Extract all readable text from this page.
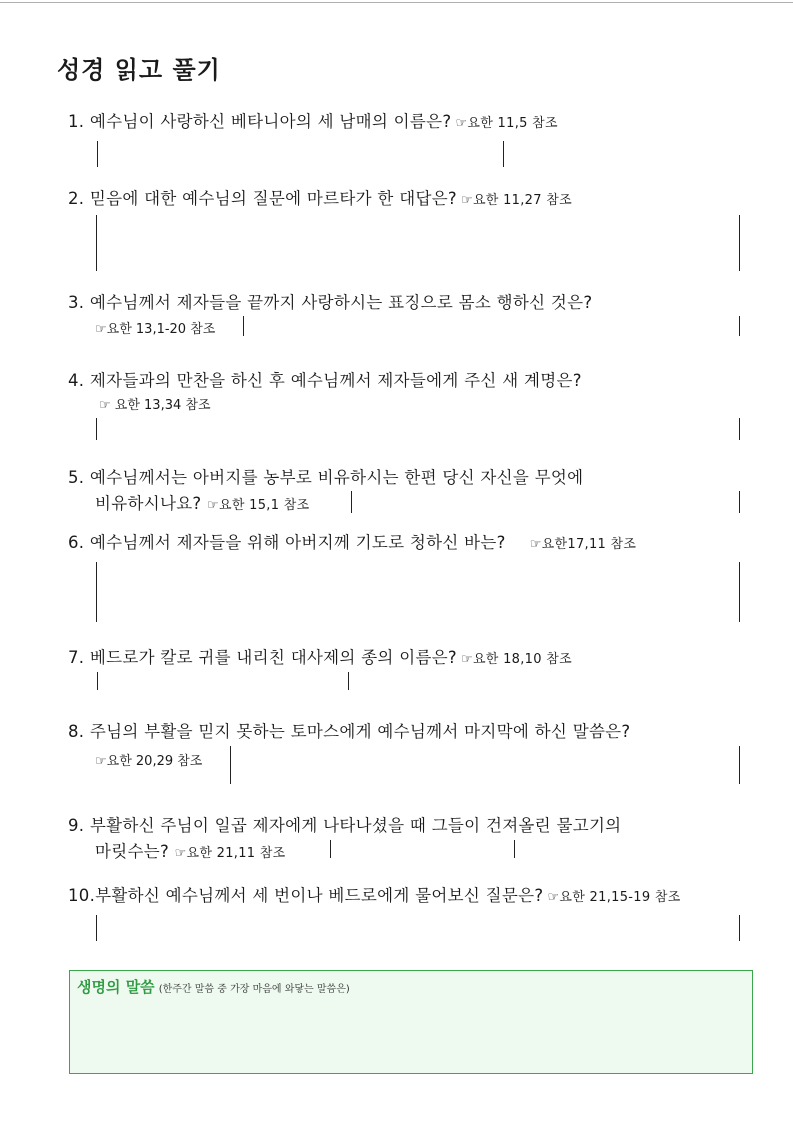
성경 읽고 풀기
1. 예수님이 사랑하신 베타니아의 세 남매의 이름은? ☞요한 11,5 참조
2. 믿음에 대한 예수님의 질문에 마르타가 한 대답은? ☞요한 11,27 참조
3. 예수님께서 제자들을 끝까지 사랑하시는 표징으로 몸소 행하신 것은?
☞요한 13,1-20 참조
4. 제자들과의 만찬을 하신 후 예수님께서 제자들에게 주신 새 계명은?
☞ 요한 13,34 참조
5. 예수님께서는 아버지를 농부로 비유하시는 한편 당신 자신을 무엇에
비유하시나요? ☞요한 15,1 참조
6. 예수님께서 제자들을 위해 아버지께 기도로 청하신 바는? ☞요한17,11 참조
7. 베드로가 칼로 귀를 내리친 대사제의 종의 이름은? ☞요한 18,10 참조
8. 주님의 부활을 믿지 못하는 토마스에게 예수님께서 마지막에 하신 말씀은?
☞요한 20,29 참조
9. 부활하신 주님이 일곱 제자에게 나타나셨을 때 그들이 건져올린 물고기의
마릿수는? ☞요한 21,11 참조
10.부활하신 예수님께서 세 번이나 베드로에게 물어보신 질문은? ☞요한 21,15-19 참조
생명의 말씀 (한주간 말씀 중 가장 마음에 와닿는 말씀은)
